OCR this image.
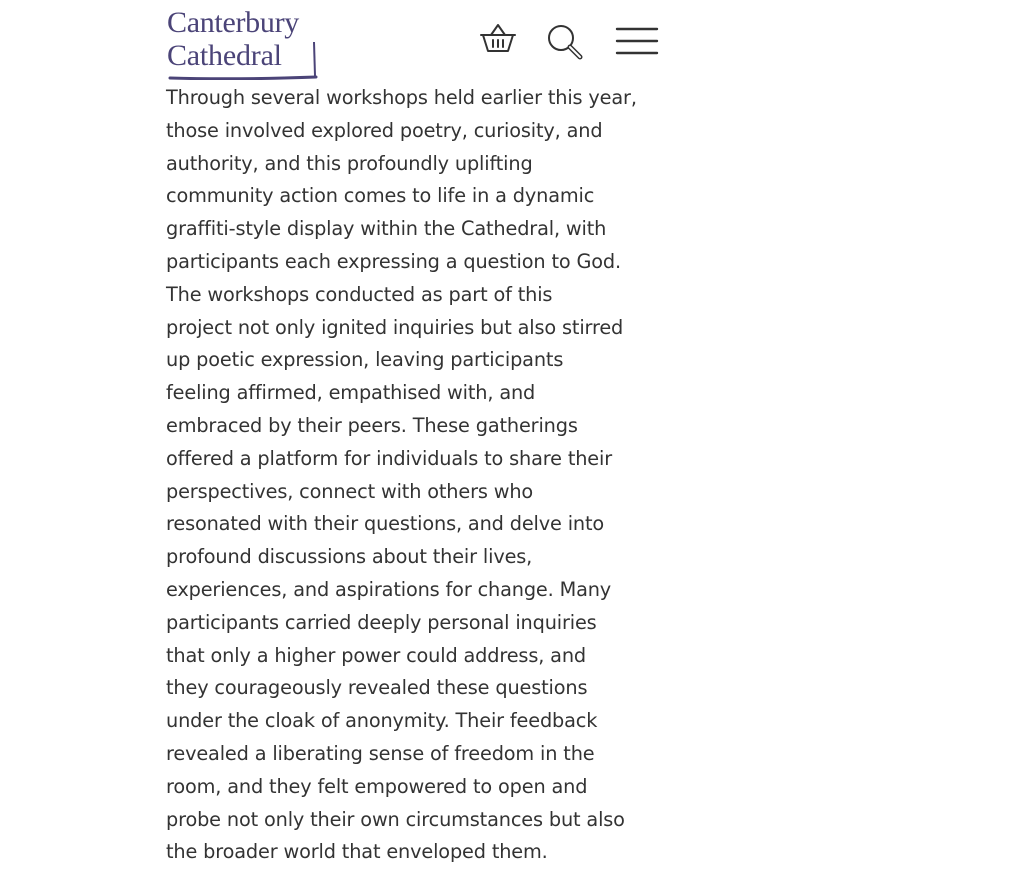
Canterbury
Cathedral
Through several workshops held earlier this year,
those involved explored poetry, curiosity, and
authority, and this profoundly uplifting
community action comes to life in a dynamic
graffiti-style display within the Cathedral, with
participants each expressing a question to God.
The workshops conducted as part of this
project not only ignited inquiries but also stirred
up poetic expression, leaving participants
feeling affirmed, empathised with, and
embraced by their peers. These gatherings
offered a platform for individuals to share their
perspectives, connect with others who
resonated with their questions, and delve into
profound discussions about their lives,
experiences, and aspirations for change. Many
participants carried deeply personal inquiries
that only a higher power could address, and
they courageously revealed these questions
under the cloak of anonymity. Their feedback
revealed a liberating sense of freedom in the
room, and they felt empowered to open and
probe not only their own circumstances but also
the broader world that enveloped them.
